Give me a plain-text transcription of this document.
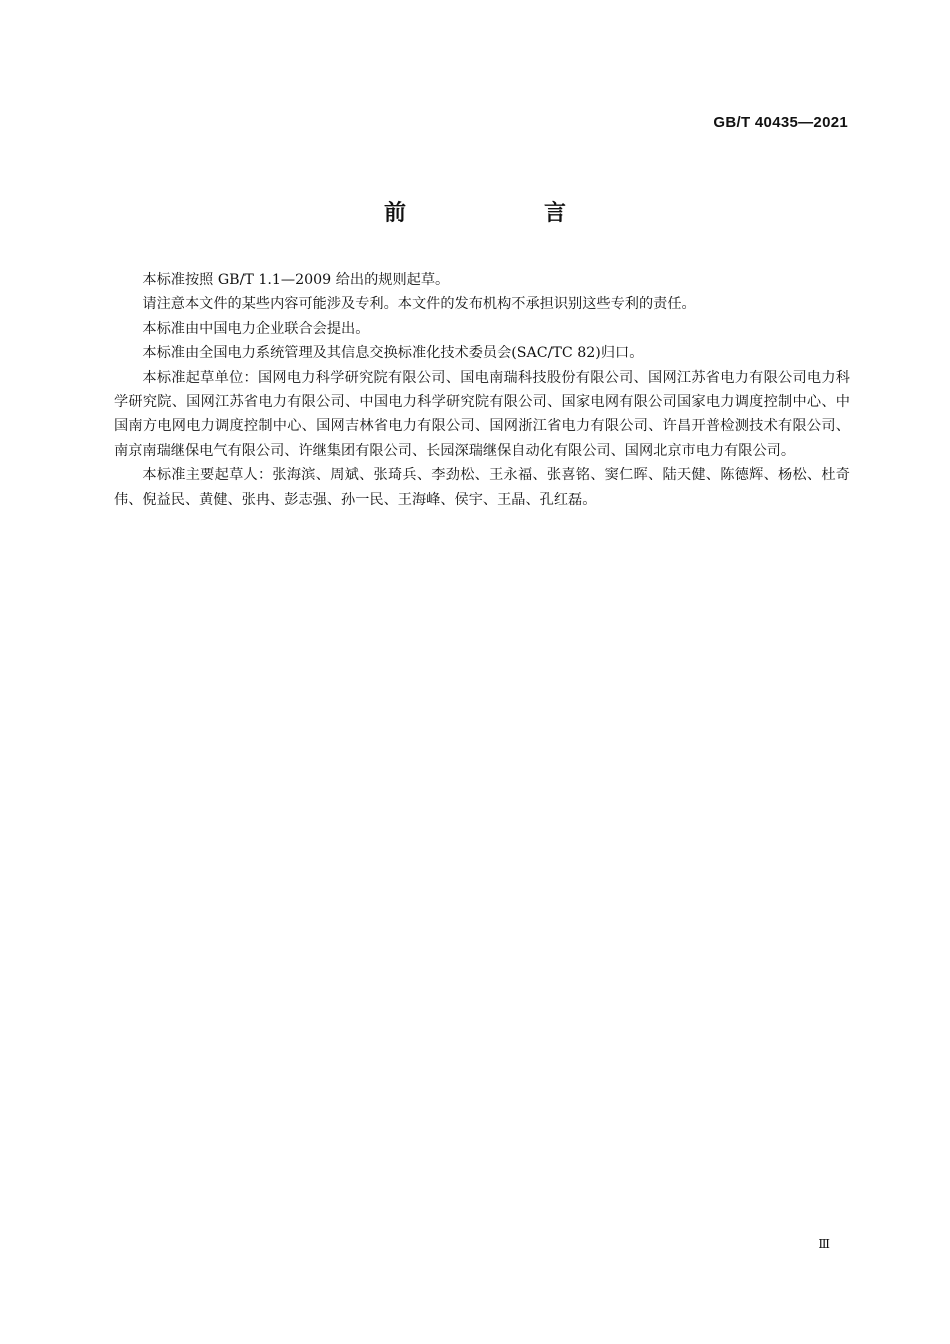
GB/T 40435—2021
前　言

本标准按照 GB/T 1.1—2009 给出的规则起草。

请注意本文件的某些内容可能涉及专利。本文件的发布机构不承担识别这些专利的责任。

本标准由中国电力企业联合会提出。

本标准由全国电力系统管理及其信息交换标准化技术委员会(SAC/TC 82)归口。

本标准起草单位：国网电力科学研究院有限公司、国电南瑞科技股份有限公司、国网江苏省电力有限公司电力科学研究院、国网江苏省电力有限公司、中国电力科学研究院有限公司、国家电网有限公司国家电力调度控制中心、中国南方电网电力调度控制中心、国网吉林省电力有限公司、国网浙江省电力有限公司、许昌开普检测技术有限公司、南京南瑞继保电气有限公司、许继集团有限公司、长园深瑞继保自动化有限公司、国网北京市电力有限公司。

本标准主要起草人：张海滨、周斌、张琦兵、李劲松、王永福、张喜铭、窦仁晖、陆天健、陈德辉、杨松、杜奇伟、倪益民、黄健、张冉、彭志强、孙一民、王海峰、侯宇、王晶、孔红磊。

Ⅲ
